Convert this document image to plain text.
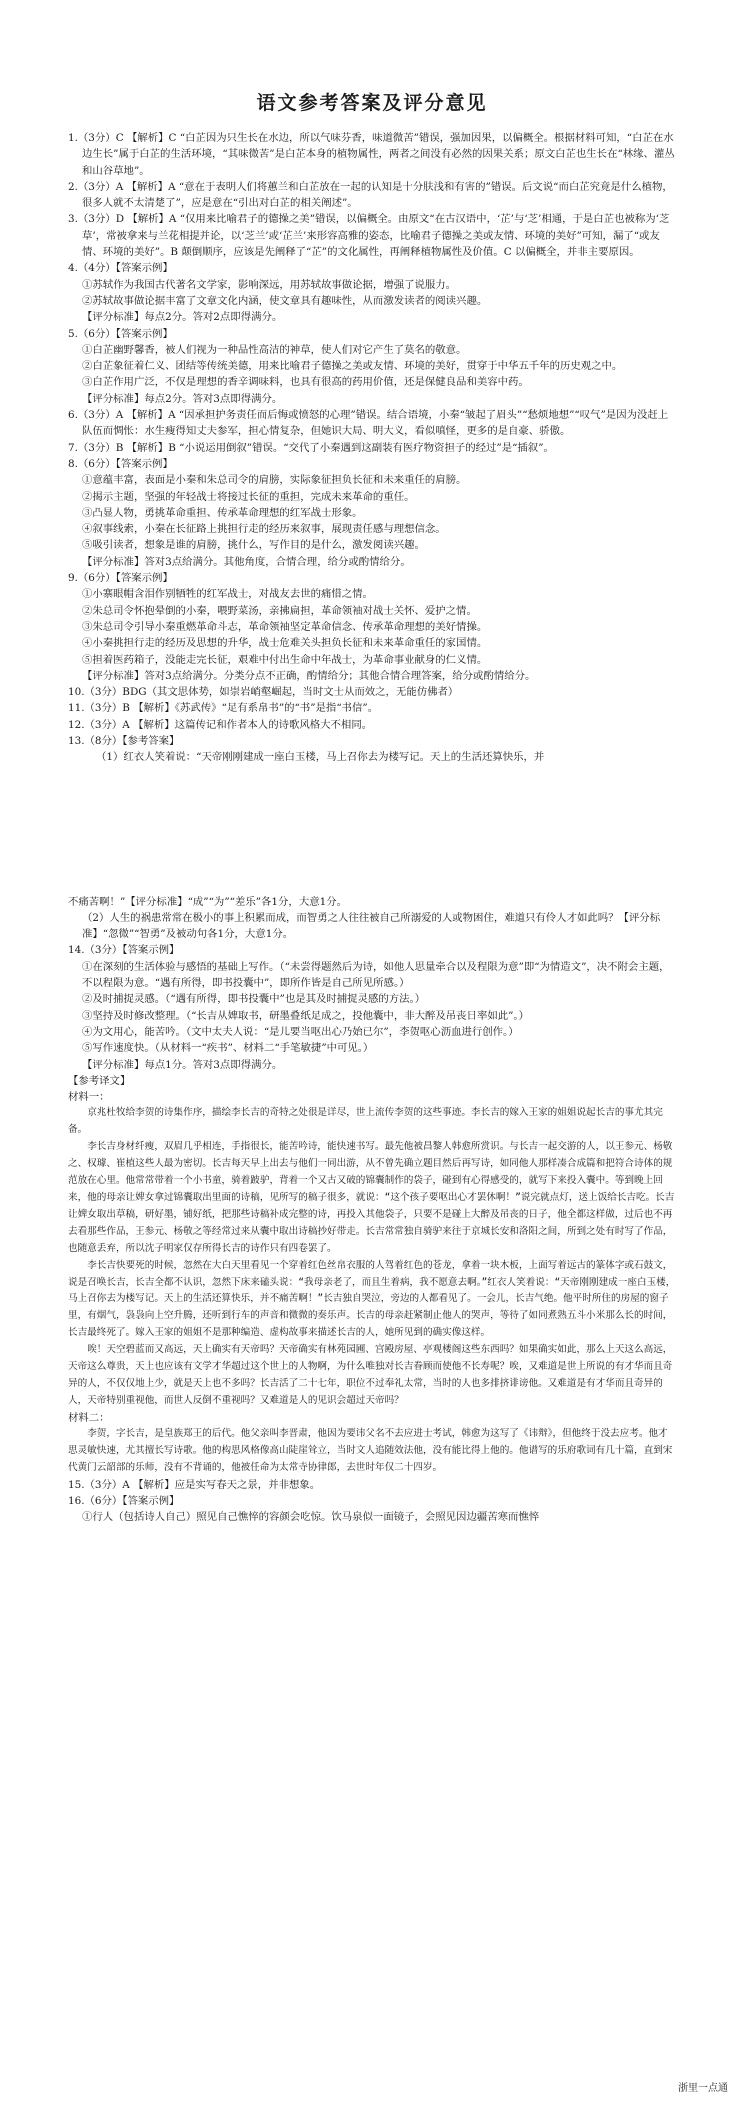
语文参考答案及评分意见

1.（3分）C 【解析】C “白芷因为只生长在水边，所以气味芬香，味道微苦”错误，强加因果，以偏概全。根据材料可知，“白芷在水边生长”属于白芷的生活环境，“其味微苦”是白芷本身的植物属性，两者之间没有必然的因果关系；原文白芷也生长在“林缘、灌丛和山谷草地”。

2.（3分）A 【解析】A “意在于表明人们将蕙兰和白芷放在一起的认知是十分肤浅和有害的”错误。后文说“而白芷究竟是什么植物，很多人就不太清楚了”，应是意在“引出对白芷的相关阐述”。

3.（3分）D 【解析】A “仅用来比喻君子的德操之美”错误，以偏概全。由原文“在古汉语中，‘芷’与‘芝’相通，于是白芷也被称为‘芝草’，常被拿来与兰花相提并论，以‘芝兰’或‘芷兰’来形容高雅的姿态，比喻君子德操之美或友情、环境的美好”可知，漏了“或友情、环境的美好”。B 颠倒顺序，应该是先阐释了“芷”的文化属性，再阐释植物属性及价值。C 以偏概全，并非主要原因。

4.（4分）【答案示例】

①苏轼作为我国古代著名文学家，影响深远，用苏轼故事做论据，增强了说服力。

②苏轼故事做论据丰富了文章文化内涵，使文章具有趣味性，从而激发读者的阅读兴趣。

【评分标准】每点2分。答对2点即得满分。

5.（6分）【答案示例】

①白芷幽野馨香，被人们视为一种品性高洁的神草，使人们对它产生了莫名的敬意。

②白芷象征着仁义、团结等传统美德，用来比喻君子德操之美或友情、环境的美好，贯穿于中华五千年的历史观之中。

③白芷作用广泛，不仅是理想的香辛调味料，也具有很高的药用价值，还是保健良品和美容中药。

【评分标准】每点2分。答对3点即得满分。

6.（3分）A 【解析】A “因承担护务责任而后悔或愤怒的心理”错误。结合语境，小秦“皱起了眉头”“愁烦地想”“叹气”是因为没赶上队伍而惆怅：水生瘦得知丈夫参军，担心情复杂，但她识大局、明大义，看似嗔怪，更多的是自豪、骄傲。

7.（3分）B 【解析】B “小说运用倒叙”错误。“交代了小秦遇到这副装有医疗物资担子的经过”是“插叙”。

8.（6分）【答案示例】

①意蕴丰富，表面是小秦和朱总司令的肩膀，实际象征担负长征和未来重任的肩膀。

②揭示主题，坚强的年轻战士将接过长征的重担，完成未来革命的重任。

③凸显人物，勇挑革命重担、传承革命理想的红军战士形象。

④叙事线索，小秦在长征路上挑担行走的经历来叙事，展现责任感与理想信念。

⑤吸引读者，想象是谁的肩膀，挑什么，写作目的是什么，激发阅读兴趣。

【评分标准】答对3点给满分。其他角度，合情合理，给分或酌情给分。

9.（6分）【答案示例】

①小寨眼帽含泪作别牺牲的红军战士，对战友去世的痛惜之情。

②朱总司令怀抱晕倒的小秦，喂野菜汤，亲拂扁担，革命领袖对战士关怀、爱护之情。

③朱总司令引导小秦重燃革命斗志，革命领袖坚定革命信念、传承革命理想的美好情操。

④小秦挑担行走的经历及思想的升华，战士危难关头担负长征和未来革命重任的家国情。

⑤担着医药箱子，没能走完长征，艰难中付出生命中年战士，为革命事业献身的仁义情。

【评分标准】答对3点给满分。分类分点不正确，酌情给分；其他合情合理答案，给分或酌情给分。

10.（3分）BDG（其文思体势，如崇岩峭壑崛起，当时文士从而效之，无能仿佛者）

11.（3分）B 【解析】《苏武传》“足有系帛书”的“书”是指“书信”。

12.（3分）A 【解析】这篇传记和作者本人的诗歌风格大不相同。

13.（8分）【参考答案】

（1）红衣人笑着说：“天帝刚刚建成一座白玉楼，马上召你去为楼写记。天上的生活还算快乐，并

不痛苦啊！”【评分标准】“成”“为”“差乐”各1分，大意1分。

（2）人生的祸患常常在极小的事上积累而成，而智勇之人往往被自己所溺爱的人或物困住，难道只有伶人才如此吗？【评分标准】“忽微”“智勇”及被动句各1分，大意1分。

14.（3分）【答案示例】

①在深刻的生活体验与感悟的基础上写作。（“未尝得题然后为诗，如他人思量牵合以及程限为意”即“为情造文”，决不附会主题，不以程限为意。“遇有所得，即书投囊中”，即所作皆是自己所见所感。）

②及时捕捉灵感。（“遇有所得，即书投囊中”也是其及时捕捉灵感的方法。）

③坚持及时修改整理。（“长吉从婢取书，研墨叠纸足成之，投他囊中，非大醉及吊丧日率如此”。）

④为文用心，能苦吟。（文中太夫人说：“是儿要当呕出心乃始已尔”，李贺呕心沥血进行创作。）

⑤写作速度快。（从材料一“疾书”、材料二“手笔敏捷”中可见。）

【评分标准】每点1分。答对3点即得满分。

【参考译文】

材料一：

京兆杜牧给李贺的诗集作序，描绘李长吉的奇特之处很是详尽，世上流传李贺的这些事迹。李长吉的嫁入王家的姐姐说起长吉的事尤其完备。

李长吉身材纤瘦，双眉几乎相连，手指很长，能苦吟诗，能快速书写。最先他被昌黎人韩愈所赏识。与长吉一起交游的人，以王参元、杨敬之、权璩、崔植这些人最为密切。长吉每天早上出去与他们一同出游，从不曾先确立题目然后再写诗，如同他人那样凑合成篇和把符合诗体的规范放在心里。他常常带着一个小书童，骑着跛驴，背着一个又古又破的锦囊制作的袋子，碰到有心得感受的，就写下来投入囊中。等到晚上回来，他的母亲让婢女拿过锦囊取出里面的诗稿，见所写的稿子很多，就说：“这个孩子要呕出心才罢休啊！”说完就点灯，送上饭给长吉吃。长吉让婢女取出草稿，研好墨，铺好纸，把那些诗稿补成完整的诗，再投入其他袋子，只要不是碰上大醉及吊丧的日子，他全都这样做，过后也不再去看那些作品，王参元、杨敬之等经常过来从囊中取出诗稿抄好带走。长吉常常独自骑驴来往于京城长安和洛阳之间，所到之处有时写了作品，也随意丢弃，所以沈子明家仅存所得长吉的诗作只有四卷罢了。

李长吉快要死的时候，忽然在大白天里看见一个穿着红色丝帛衣服的人驾着红色的苍龙，拿着一块木板，上面写着远古的篆体字或石鼓文，说是召唤长吉，长吉全都不认识，忽然下床来磕头说：“我母亲老了，而且生着病，我不愿意去啊。”红衣人笑着说：“天帝刚刚建成一座白玉楼，马上召你去为楼写记。天上的生活还算快乐，并不痛苦啊！”长吉独自哭泣，旁边的人都看见了。一会儿，长吉气绝。他平时所住的房屋的窗子里，有烟气，袅袅向上空升腾，还听到行车的声音和微微的奏乐声。长吉的母亲赶紧制止他人的哭声，等待了如同煮熟五斗小米那么长的时间，长吉最终死了。嫁入王家的姐姐不是那种编造、虚构故事来描述长吉的人，她所见到的确实像这样。

唉！天空碧蓝而又高远，天上确实有天帝吗？天帝确实有林苑园圃、宫殿房屋、亭观楼阁这些东西吗？如果确实如此，那么上天这么高远，天帝这么尊贵，天上也应该有文学才华超过这个世上的人物啊，为什么唯独对长吉眷顾而使他不长寿呢？唉，又难道是世上所说的有才华而且奇异的人，不仅仅地上少，就是天上也不多吗？长吉活了二十七年，职位不过奉礼太常，当时的人也多排挤诽谤他。又难道是有才华而且奇异的人，天帝特别重视他，而世人反倒不重视吗？又难道是人的见识会超过天帝吗？

材料二：

李贺，字长吉，是皇族郑王的后代。他父亲叫李晋肃，他因为要讳父名不去应进士考试，韩愈为这写了《讳辩》，但他终于没去应考。他才思灵敏快速，尤其擅长写诗歌。他的构思风格像高山陡崖耸立，当时文人追随效法他，没有能比得上他的。他谱写的乐府歌词有几十篇，直到宋代黄门云韶部的乐师，没有不背诵的，他被任命为太常寺协律郎，去世时年仅二十四岁。

15.（3分）A 【解析】应是实写春天之景，并非想象。

16.（6分）【答案示例】

①行人（包括诗人自己）照见自己憔悴的容颜会吃惊。饮马泉似一面镜子，会照见因边疆苦寒而憔悴

浙里一点通
